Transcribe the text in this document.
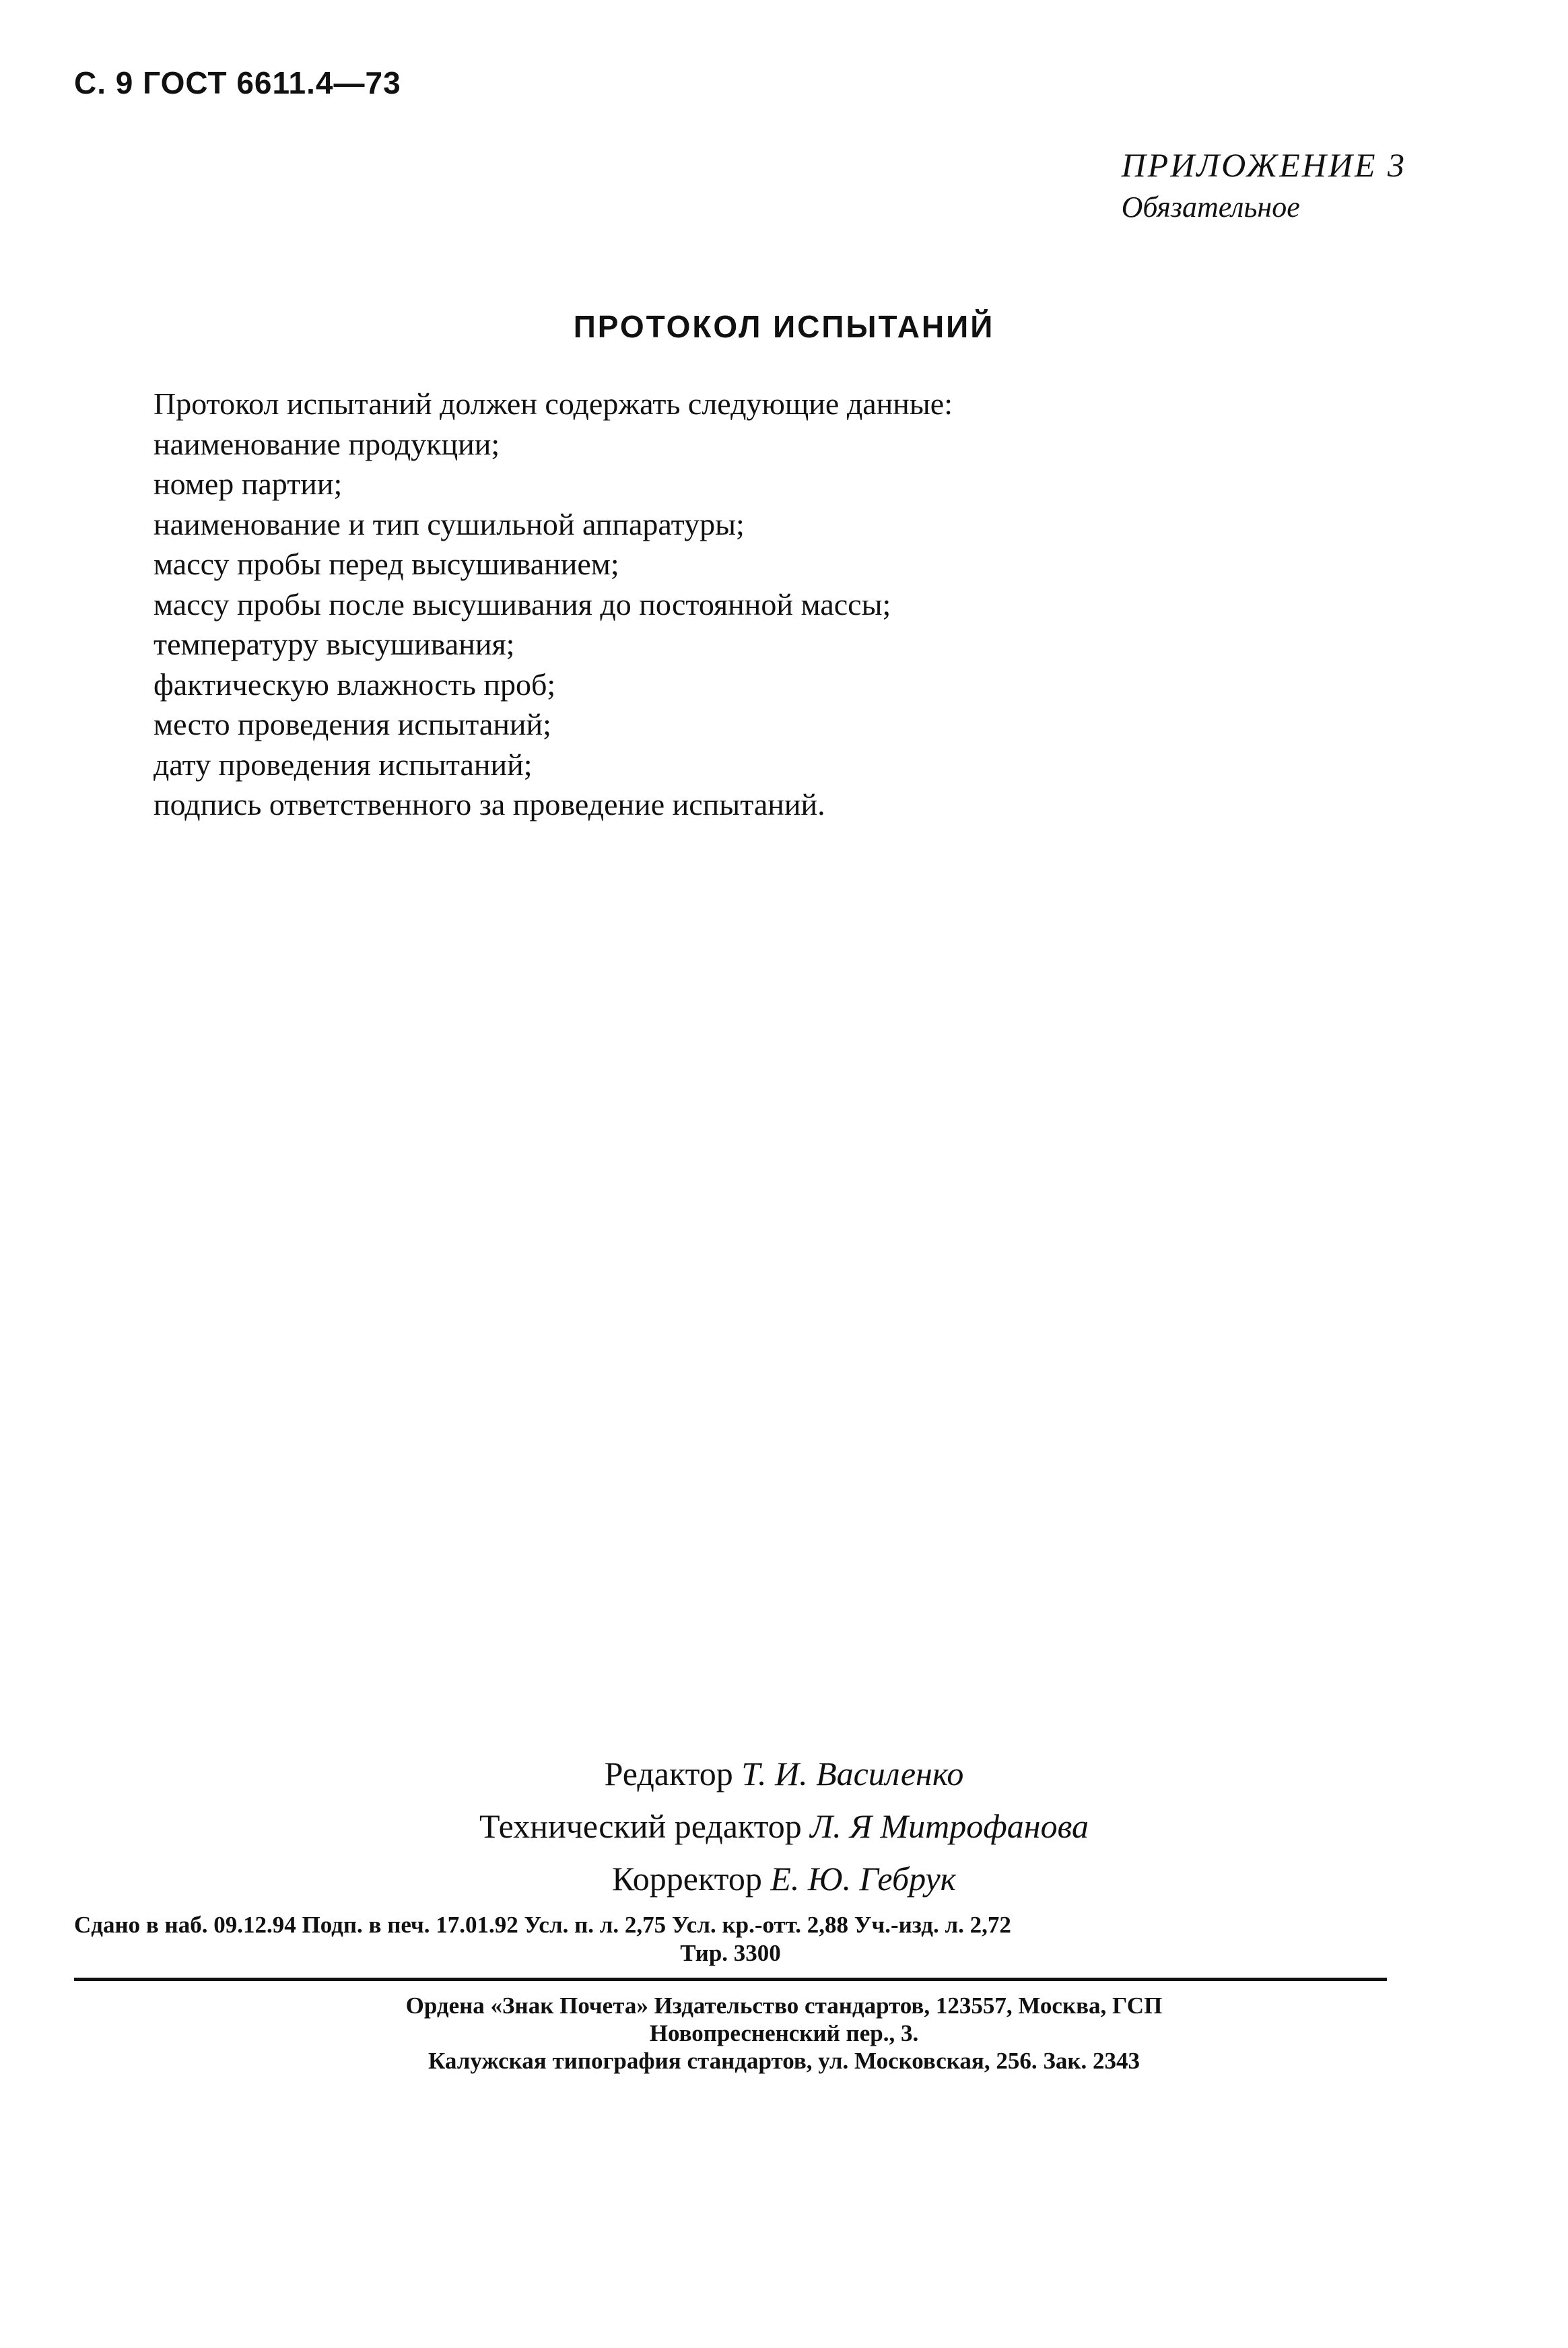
С. 9 ГОСТ 6611.4—73
ПРИЛОЖЕНИЕ 3
Обязательное
ПРОТОКОЛ ИСПЫТАНИЙ
Протокол испытаний должен содержать следующие данные:
наименование продукции;
номер партии;
наименование и тип сушильной аппаратуры;
массу пробы перед высушиванием;
массу пробы после высушивания до постоянной массы;
температуру высушивания;
фактическую влажность проб;
место проведения испытаний;
дату проведения испытаний;
подпись ответственного за проведение испытаний.
Редактор Т. И. Василенко
Технический редактор Л. Я Митрофанова
Корректор Е. Ю. Гебрук
Сдано в наб. 09.12.94 Подп. в печ. 17.01.92 Усл. п. л. 2,75 Усл. кр.-отт. 2,88 Уч.-изд. л. 2,72
Тир. 3300
Ордена «Знак Почета» Издательство стандартов, 123557, Москва, ГСП
Новопресненский пер., 3.
Калужская типография стандартов, ул. Московская, 256. Зак. 2343
